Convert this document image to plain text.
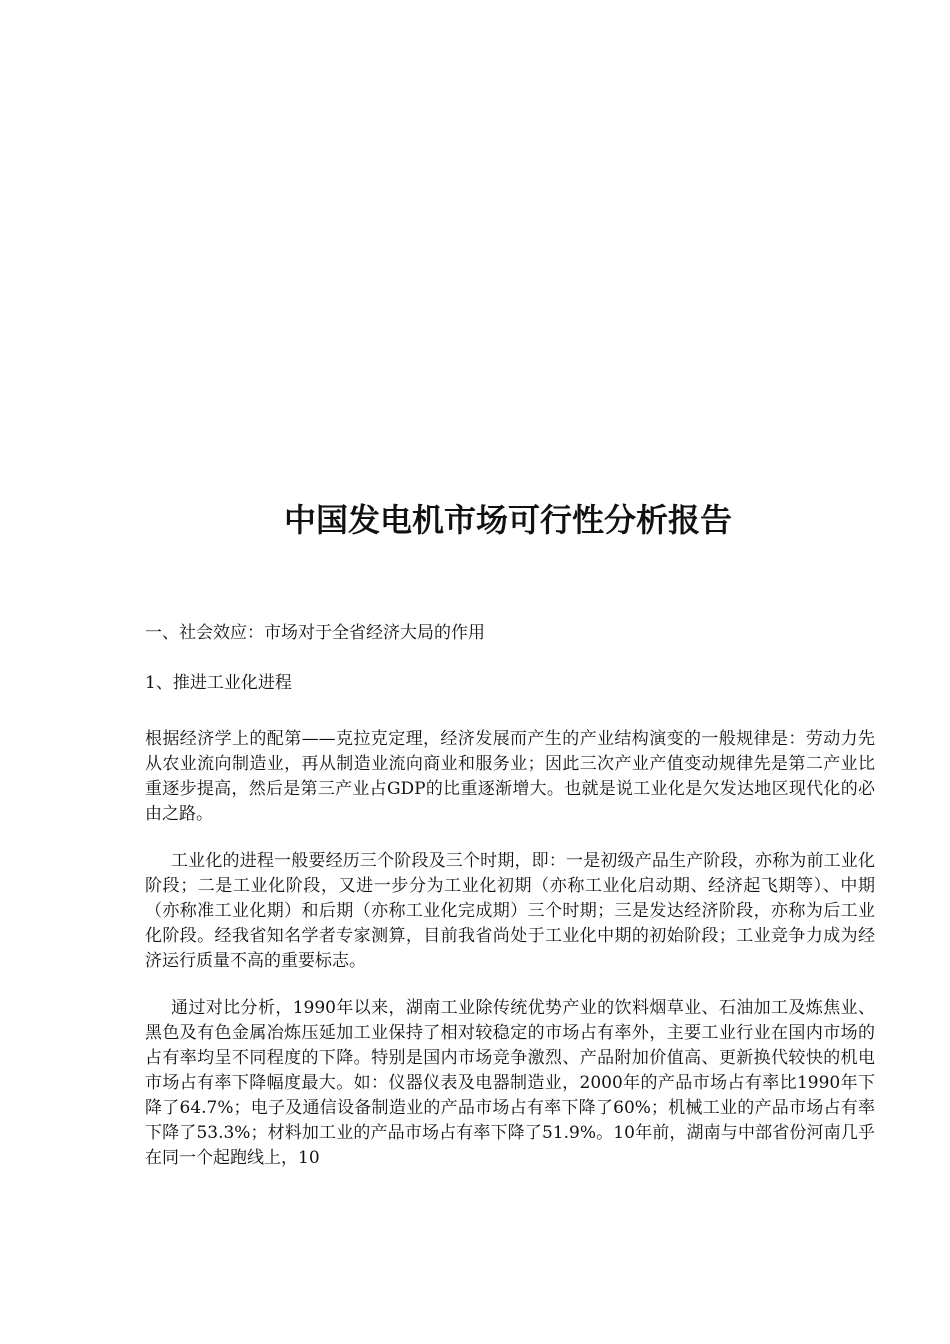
中国发电机市场可行性分析报告

一、社会效应：市场对于全省经济大局的作用

1、推进工业化进程

根据经济学上的配第——克拉克定理，经济发展而产生的产业结构演变的一般规律是：劳动力先从农业流向制造业，再从制造业流向商业和服务业；因此三次产业产值变动规律先是第二产业比重逐步提高，然后是第三产业占GDP的比重逐渐增大。也就是说工业化是欠发达地区现代化的必由之路。

工业化的进程一般要经历三个阶段及三个时期，即：一是初级产品生产阶段，亦称为前工业化阶段；二是工业化阶段，又进一步分为工业化初期（亦称工业化启动期、经济起飞期等）、中期（亦称准工业化期）和后期（亦称工业化完成期）三个时期；三是发达经济阶段，亦称为后工业化阶段。经我省知名学者专家测算，目前我省尚处于工业化中期的初始阶段；工业竞争力成为经济运行质量不高的重要标志。

通过对比分析，1990年以来，湖南工业除传统优势产业的饮料烟草业、石油加工及炼焦业、黑色及有色金属冶炼压延加工业保持了相对较稳定的市场占有率外，主要工业行业在国内市场的占有率均呈不同程度的下降。特别是国内市场竞争激烈、产品附加价值高、更新换代较快的机电市场占有率下降幅度最大。如：仪器仪表及电器制造业，2000年的产品市场占有率比1990年下降了64.7%；电子及通信设备制造业的产品市场占有率下降了60%；机械工业的产品市场占有率下降了53.3%；材料加工业的产品市场占有率下降了51.9%。10年前，湖南与中部省份河南几乎在同一个起跑线上，10
